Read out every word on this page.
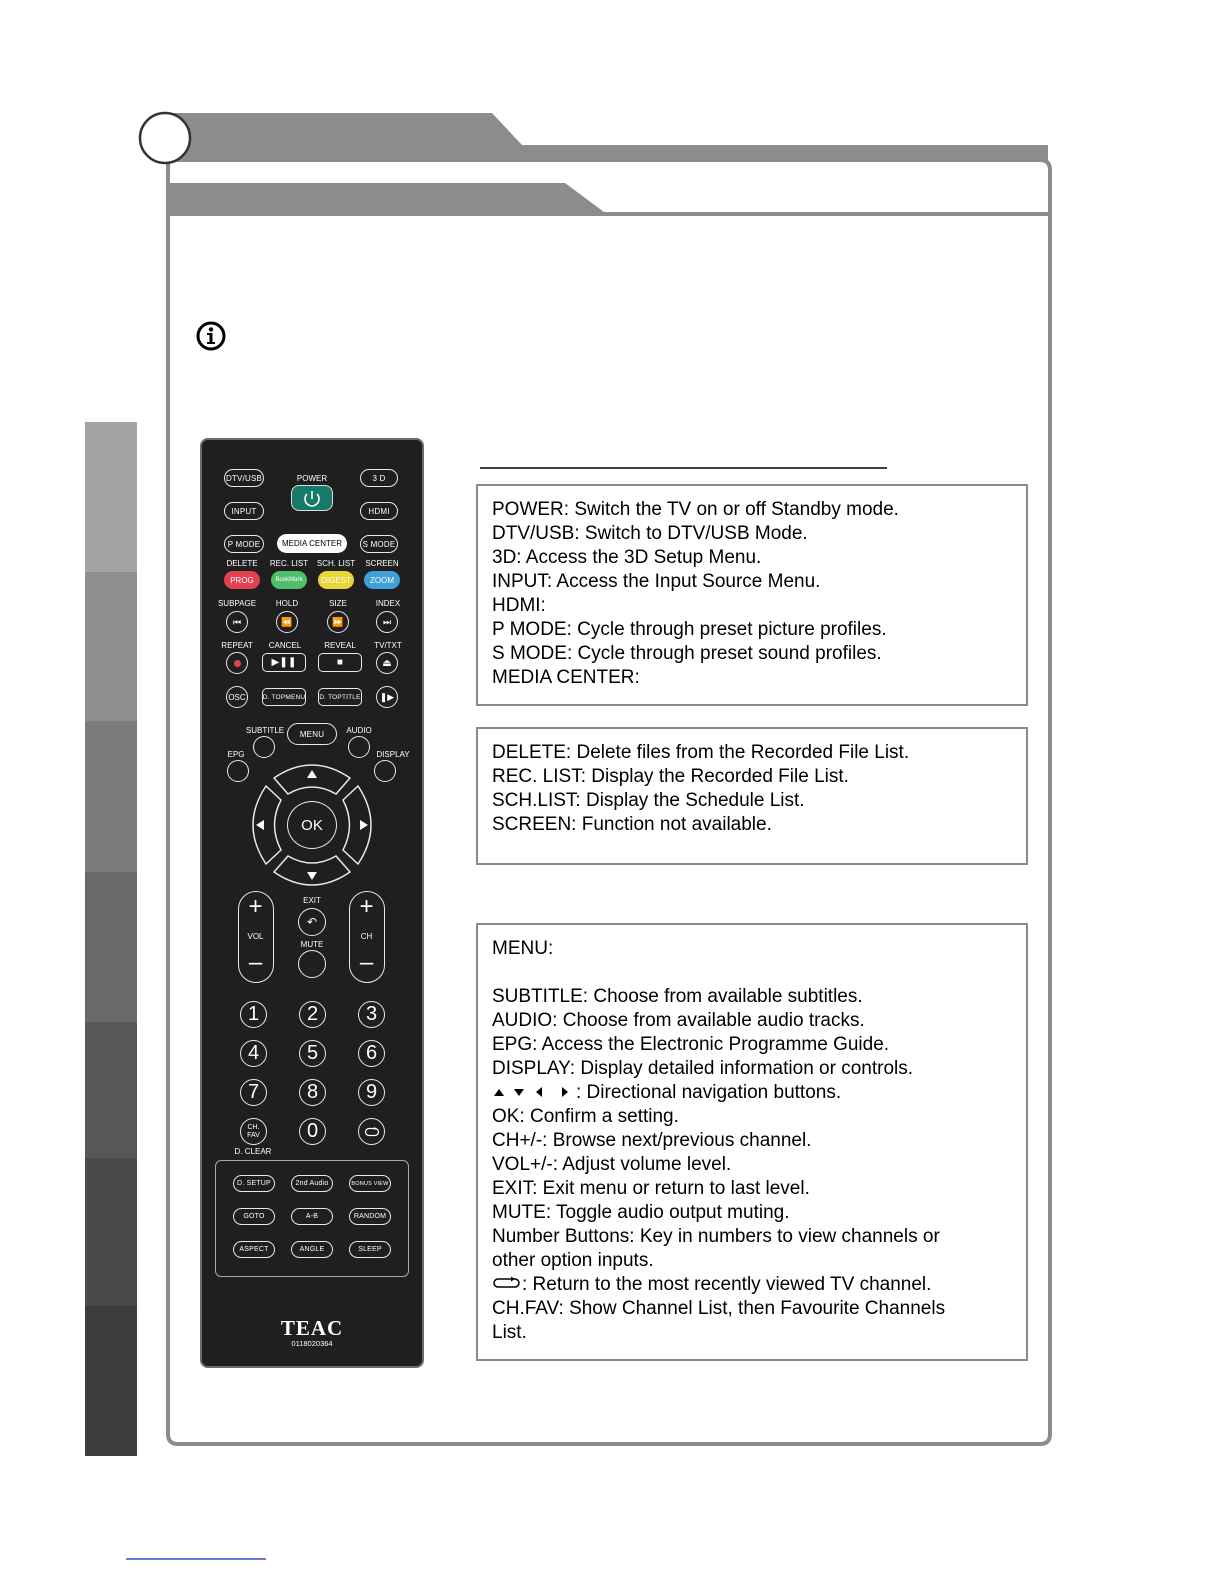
DTV/USB	POWER	3 D
INPUT	HDMI
P MODE	MEDIA CENTER	S MODE
DELETE REC. LIST SCH. LIST SCREEN
PROG	BookMark	DIGEST	ZOOM
SUBPAGE HOLD	SIZE	INDEX
⏮	⏪	⏩	⏭
REPEAT CANCEL	REVEAL TV/TXT
▶❚❚	■	⏏
OSC	D. TOPMENU D. TOPTITLE	❚▶
SUBTITLE	MENU	AUDIO
EPG	DISPLAY
OK
+
VOL
–
+
CH
–
EXIT
↶
MUTE
1	2	3
4	5	6
7	8	9
CH.
FAV	0
D. CLEAR
D. SETUP	2nd Audio	BONUS VIEW
GOTO	A-B	RANDOM
ASPECT	ANGLE	SLEEP
TEAC
0118020364
POWER: Switch the TV on or off Standby mode.
DTV/USB: Switch to DTV/USB Mode.
3D: Access the 3D Setup Menu.
INPUT: Access the Input Source Menu.
HDMI:
P MODE: Cycle through preset picture profiles.
S MODE: Cycle through preset sound profiles.
MEDIA CENTER:
DELETE: Delete files from the Recorded File List.
REC. LIST: Display the Recorded File List.
SCH.LIST: Display the Schedule List.
SCREEN: Function not available.
MENU:
SUBTITLE: Choose from available subtitles.
AUDIO: Choose from available audio tracks.
EPG: Access the Electronic Programme Guide.
DISPLAY: Display detailed information or controls.
: Directional navigation buttons.
OK: Confirm a setting.
CH+/-: Browse next/previous channel.
VOL+/-: Adjust volume level.
EXIT: Exit menu or return to last level.
MUTE: Toggle audio output muting.
Number Buttons: Key in numbers to view channels or
other option inputs.
: Return to the most recently viewed TV channel.
CH.FAV: Show Channel List, then Favourite Channels
List.
